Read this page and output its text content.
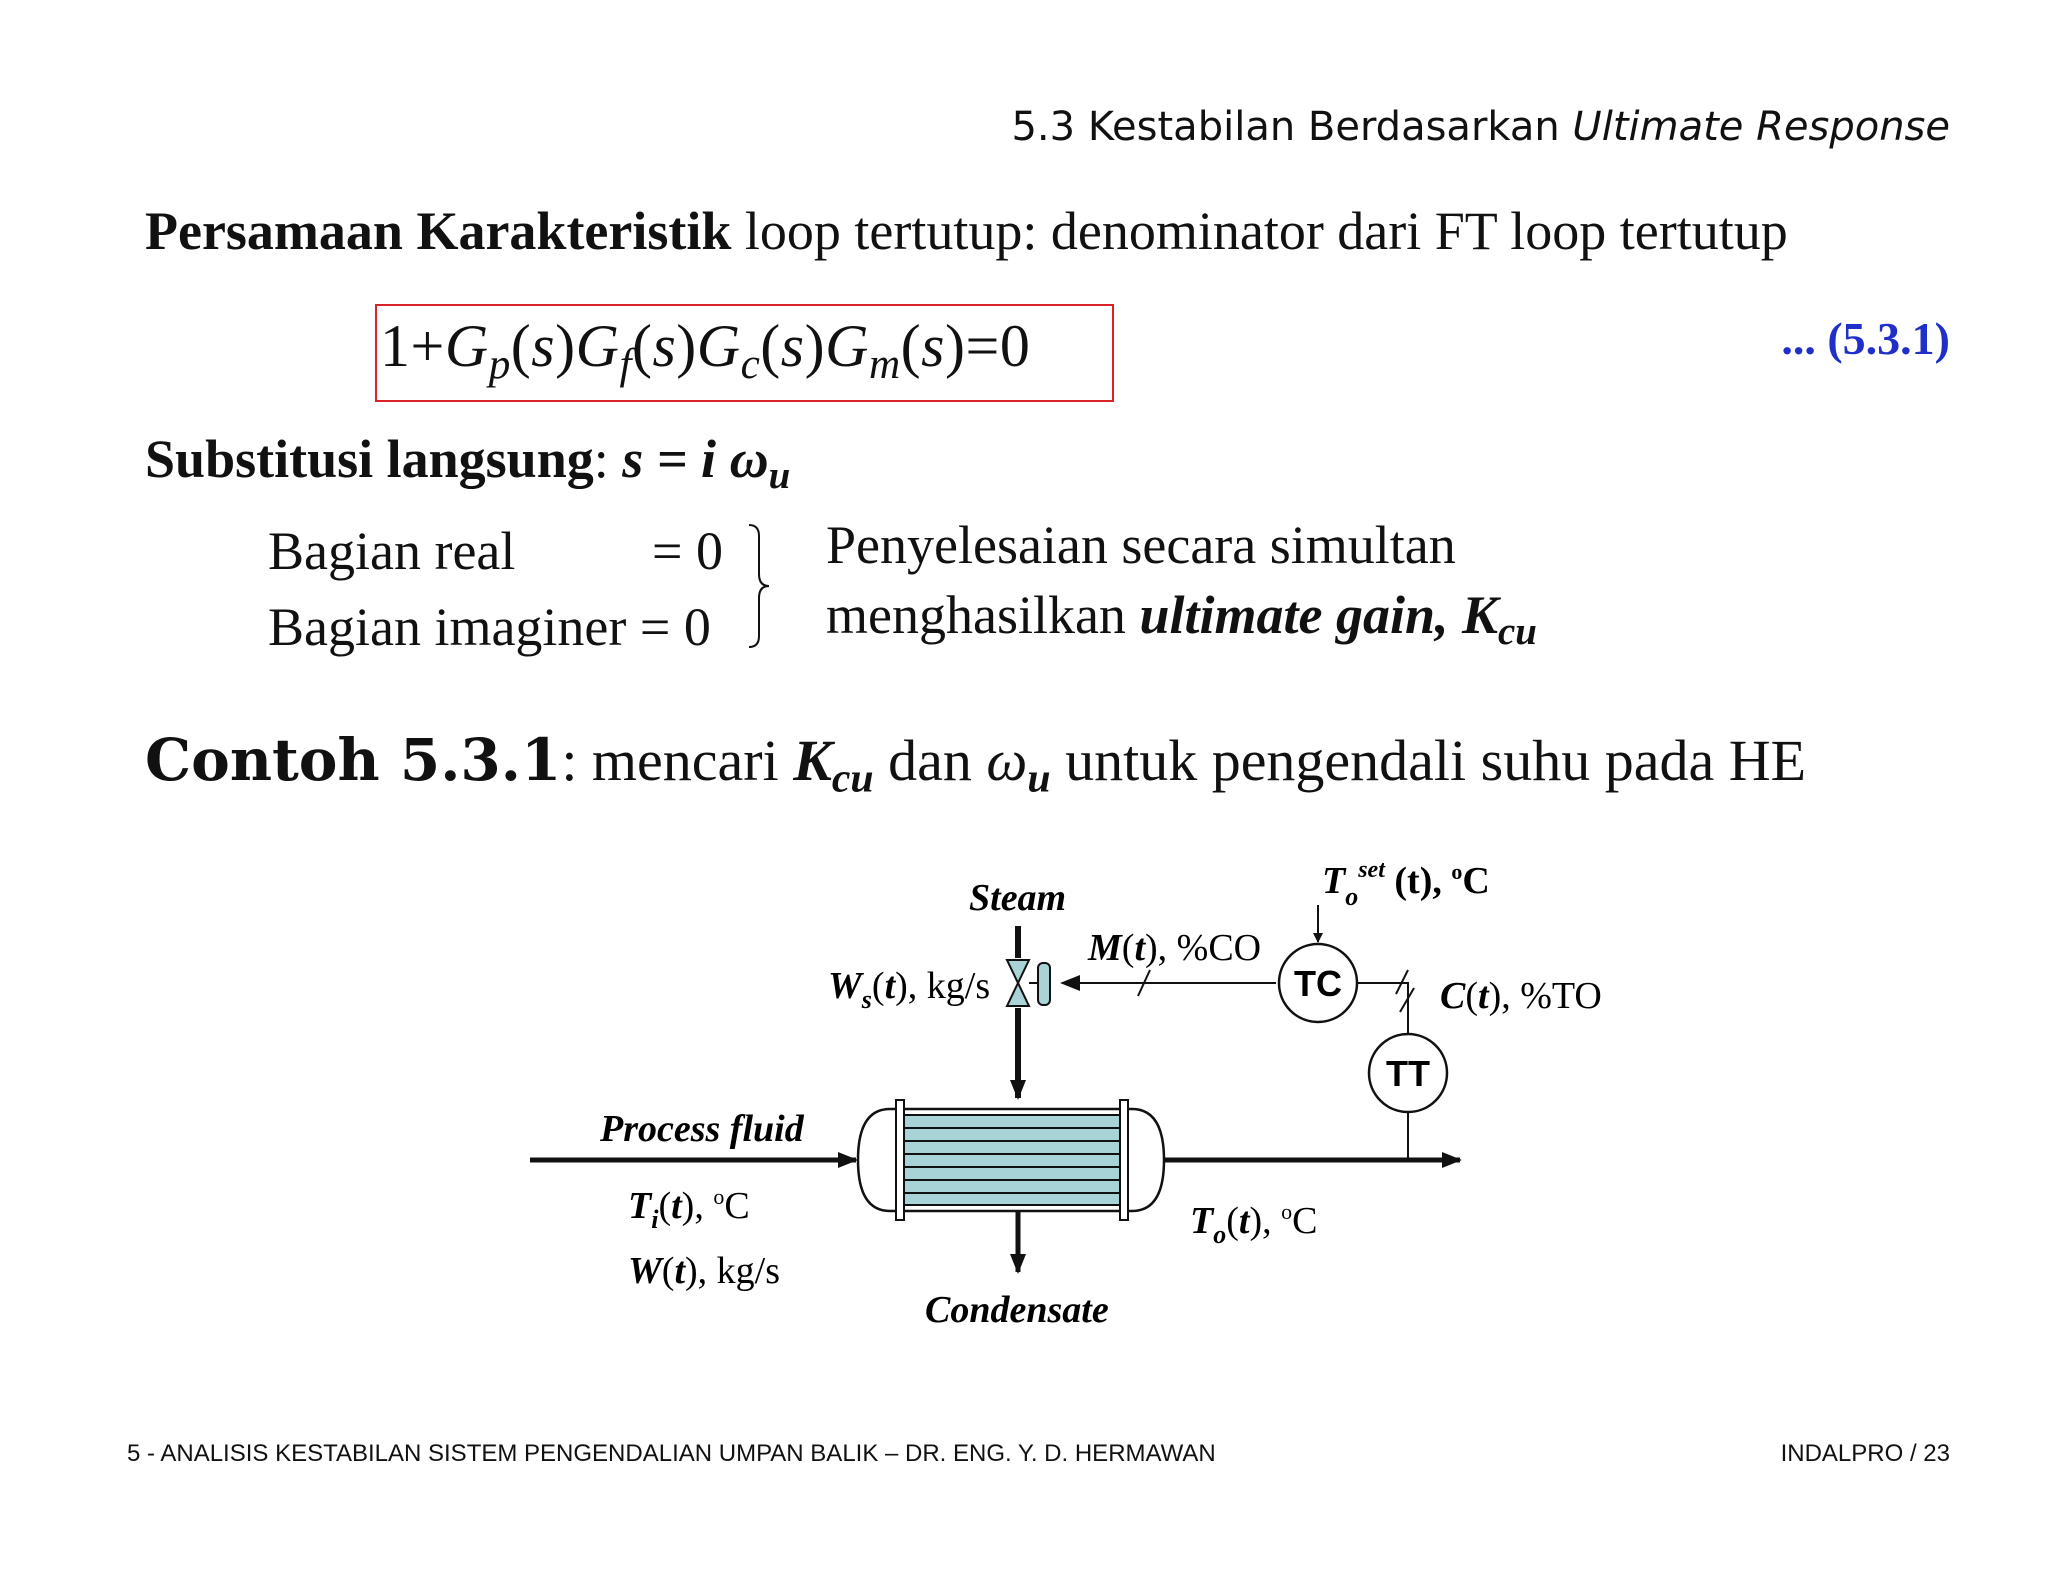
5.3 Kestabilan Berdasarkan Ultimate Response
Persamaan Karakteristik loop tertutup: denominator dari FT loop tertutup
$1+G_p(s)G_f(s)G_c(s)G_m(s)=0$	... (5.3.1)
Substitusi langsung: s = i $\omega_u$
Bagian real	= 0
Bagian imaginer = 0
Penyelesaian secara simultan
menghasilkan ultimate gain, $K_{cu}$
Contoh 5.3.1: mencari $K_{cu}$ dan $\omega_u$ untuk pengendali suhu pada HE
Steam	$T_o^{set}$ (t), $^o$C
M(t), %CO
$W_s(t)$, kg/s	TC
TT
C(t), %TO
Process fluid
$T_i(t)$, $^o$C
W(t), kg/s
$T_o(t)$, $^o$C
Condensate
5 - ANALISIS KESTABILAN SISTEM PENGENDALIAN UMPAN BALIK – DR. ENG. Y. D. HERMAWAN	INDALPRO / 23
